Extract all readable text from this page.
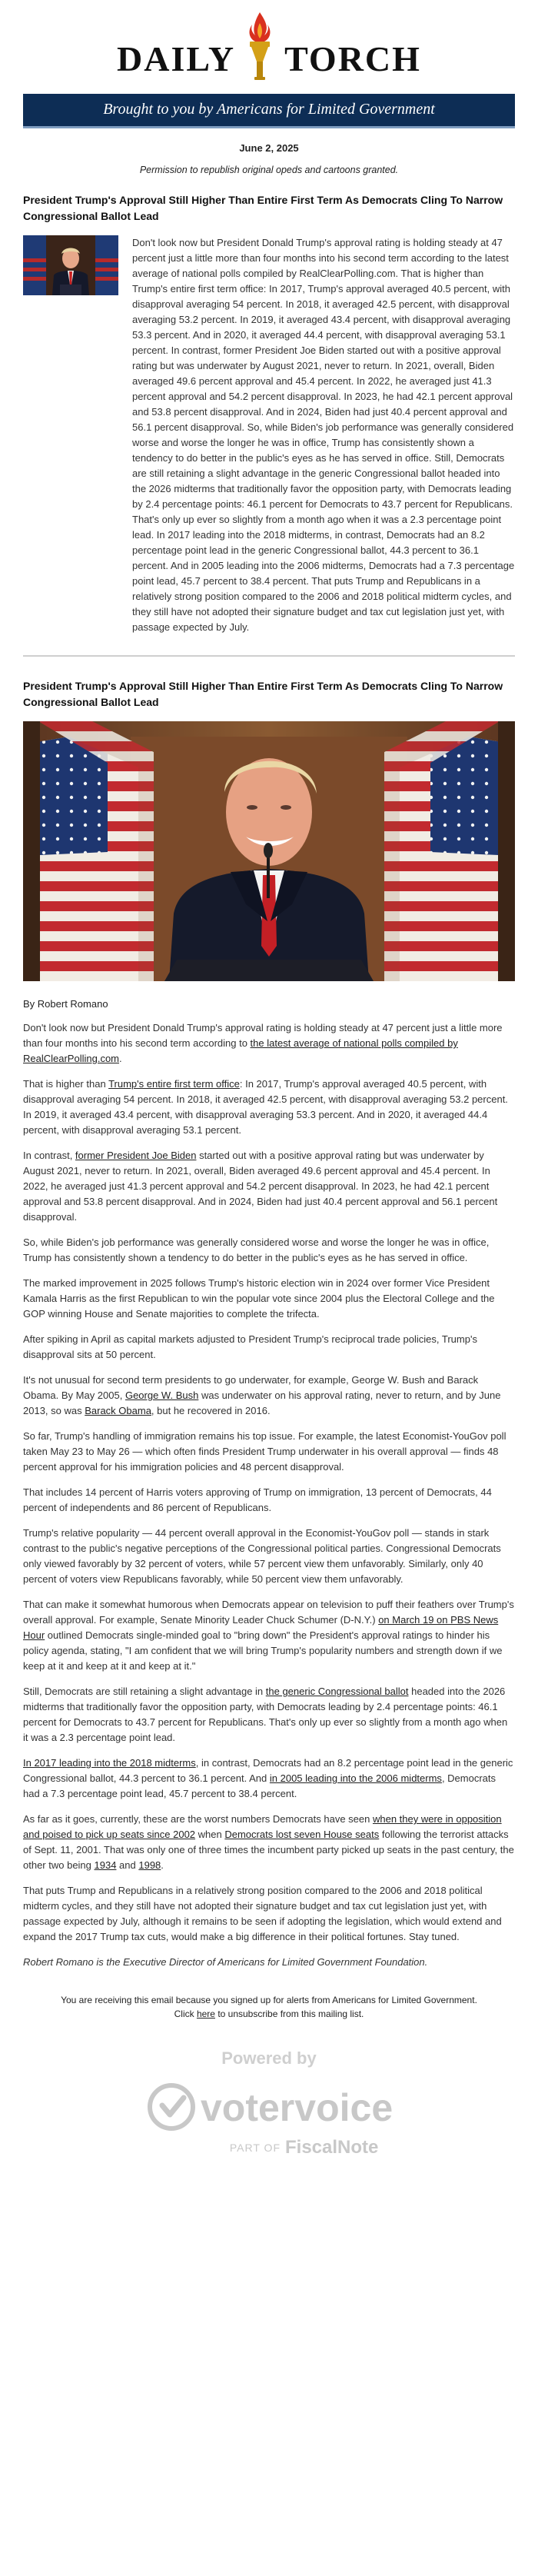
DAILY TORCH
Brought to you by Americans for Limited Government
June 2, 2025
Permission to republish original opeds and cartoons granted.
President Trump's Approval Still Higher Than Entire First Term As Democrats Cling To Narrow Congressional Ballot Lead

Don't look now but President Donald Trump's approval rating is holding steady at 47 percent just a little more than four months into his second term according to the latest average of national polls compiled by RealClearPolling.com. That is higher than Trump's entire first term office: In 2017, Trump's approval averaged 40.5 percent, with disapproval averaging 54 percent. In 2018, it averaged 42.5 percent, with disapproval averaging 53.2 percent. In 2019, it averaged 43.4 percent, with disapproval averaging 53.3 percent. And in 2020, it averaged 44.4 percent, with disapproval averaging 53.1 percent. In contrast, former President Joe Biden started out with a positive approval rating but was underwater by August 2021, never to return. In 2021, overall, Biden averaged 49.6 percent approval and 45.4 percent. In 2022, he averaged just 41.3 percent approval and 54.2 percent disapproval. In 2023, he had 42.1 percent approval and 53.8 percent disapproval. And in 2024, Biden had just 40.4 percent approval and 56.1 percent disapproval. So, while Biden's job performance was generally considered worse and worse the longer he was in office, Trump has consistently shown a tendency to do better in the public's eyes as he has served in office. Still, Democrats are still retaining a slight advantage in the generic Congressional ballot headed into the 2026 midterms that traditionally favor the opposition party, with Democrats leading by 2.4 percentage points: 46.1 percent for Democrats to 43.7 percent for Republicans. That's only up ever so slightly from a month ago when it was a 2.3 percentage point lead. In 2017 leading into the 2018 midterms, in contrast, Democrats had an 8.2 percentage point lead in the generic Congressional ballot, 44.3 percent to 36.1 percent. And in 2005 leading into the 2006 midterms, Democrats had a 7.3 percentage point lead, 45.7 percent to 38.4 percent. That puts Trump and Republicans in a relatively strong position compared to the 2006 and 2018 political midterm cycles, and they still have not adopted their signature budget and tax cut legislation just yet, with passage expected by July.

President Trump's Approval Still Higher Than Entire First Term As Democrats Cling To Narrow Congressional Ballot Lead

By Robert Romano

Don't look now but President Donald Trump's approval rating is holding steady at 47 percent just a little more than four months into his second term according to the latest average of national polls compiled by RealClearPolling.com.

That is higher than Trump's entire first term office: In 2017, Trump's approval averaged 40.5 percent, with disapproval averaging 54 percent. In 2018, it averaged 42.5 percent, with disapproval averaging 53.2 percent. In 2019, it averaged 43.4 percent, with disapproval averaging 53.3 percent. And in 2020, it averaged 44.4 percent, with disapproval averaging 53.1 percent.

In contrast, former President Joe Biden started out with a positive approval rating but was underwater by August 2021, never to return. In 2021, overall, Biden averaged 49.6 percent approval and 45.4 percent. In 2022, he averaged just 41.3 percent approval and 54.2 percent disapproval. In 2023, he had 42.1 percent approval and 53.8 percent disapproval. And in 2024, Biden had just 40.4 percent approval and 56.1 percent disapproval.

So, while Biden's job performance was generally considered worse and worse the longer he was in office, Trump has consistently shown a tendency to do better in the public's eyes as he has served in office.

The marked improvement in 2025 follows Trump's historic election win in 2024 over former Vice President Kamala Harris as the first Republican to win the popular vote since 2004 plus the Electoral College and the GOP winning House and Senate majorities to complete the trifecta.

After spiking in April as capital markets adjusted to President Trump's reciprocal trade policies, Trump's disapproval sits at 50 percent.

It's not unusual for second term presidents to go underwater, for example, George W. Bush and Barack Obama. By May 2005, George W. Bush was underwater on his approval rating, never to return, and by June 2013, so was Barack Obama, but he recovered in 2016.

So far, Trump's handling of immigration remains his top issue. For example, the latest Economist-YouGov poll taken May 23 to May 26 — which often finds President Trump underwater in his overall approval — finds 48 percent approval for his immigration policies and 48 percent disapproval.

That includes 14 percent of Harris voters approving of Trump on immigration, 13 percent of Democrats, 44 percent of independents and 86 percent of Republicans.

Trump's relative popularity — 44 percent overall approval in the Economist-YouGov poll — stands in stark contrast to the public's negative perceptions of the Congressional political parties. Congressional Democrats only viewed favorably by 32 percent of voters, while 57 percent view them unfavorably. Similarly, only 40 percent of voters view Republicans favorably, while 50 percent view them unfavorably.

That can make it somewhat humorous when Democrats appear on television to puff their feathers over Trump's overall approval. For example, Senate Minority Leader Chuck Schumer (D-N.Y.) on March 19 on PBS News Hour outlined Democrats single-minded goal to "bring down" the President's approval ratings to hinder his policy agenda, stating, "I am confident that we will bring Trump's popularity numbers and strength down if we keep at it and keep at it and keep at it."

Still, Democrats are still retaining a slight advantage in the generic Congressional ballot headed into the 2026 midterms that traditionally favor the opposition party, with Democrats leading by 2.4 percentage points: 46.1 percent for Democrats to 43.7 percent for Republicans. That's only up ever so slightly from a month ago when it was a 2.3 percentage point lead.

In 2017 leading into the 2018 midterms, in contrast, Democrats had an 8.2 percentage point lead in the generic Congressional ballot, 44.3 percent to 36.1 percent. And in 2005 leading into the 2006 midterms, Democrats had a 7.3 percentage point lead, 45.7 percent to 38.4 percent.

As far as it goes, currently, these are the worst numbers Democrats have seen when they were in opposition and poised to pick up seats since 2002 when Democrats lost seven House seats following the terrorist attacks of Sept. 11, 2001. That was only one of three times the incumbent party picked up seats in the past century, the other two being 1934 and 1998.

That puts Trump and Republicans in a relatively strong position compared to the 2006 and 2018 political midterm cycles, and they still have not adopted their signature budget and tax cut legislation just yet, with passage expected by July, although it remains to be seen if adopting the legislation, which would extend and expand the 2017 Trump tax cuts, would make a big difference in their political fortunes. Stay tuned.

Robert Romano is the Executive Director of Americans for Limited Government Foundation.

You are receiving this email because you signed up for alerts from Americans for Limited Government.

Click here to unsubscribe from this mailing list.

Powered by
votervoice
PART OF FiscalNote
